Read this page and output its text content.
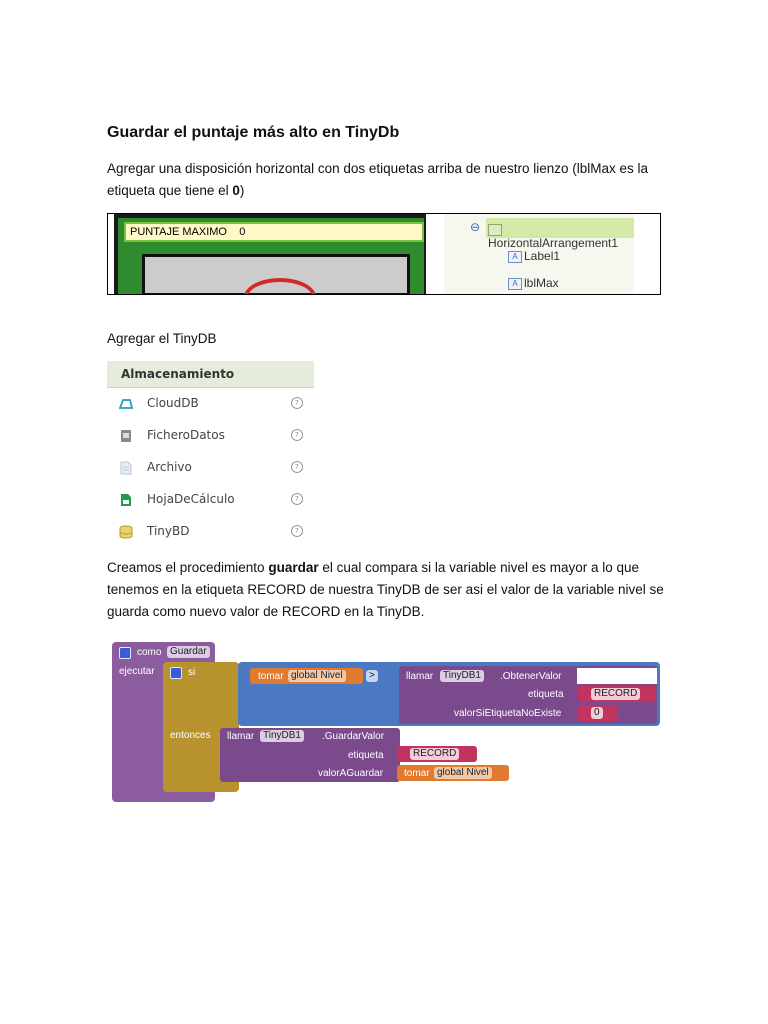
Guardar el puntaje más alto en TinyDb
Agregar una disposición horizontal con dos etiquetas arriba de nuestro lienzo (lblMax es la
etiqueta que tiene el 0)
PUNTAJE MAXIMO 0	⊖
HorizontalArrangement1
A Label1
A lblMax
Agregar el TinyDB
Almacenamiento
CloudDB	?
FicheroDatos	?
Archivo	?
HojaDeCálculo	?
TinyBD	?
Creamos el procedimiento guardar el cual compara si la variable nivel es mayor a lo que
tenemos en la etiqueta RECORD de nuestra TinyDB de ser asi el valor de la variable nivel se
guarda como nuevo valor de RECORD en la TinyDB.
como Guardar
ejecutar	si
entonces
tomar global Nivel	>	llamar TinyDB1	.ObtenerValor
etiqueta	RECORD
valorSiEtiquetaNoExiste	0
llamar TinyDB1	.GuardarValor
etiqueta	RECORD
valorAGuardar tomar global Nivel
